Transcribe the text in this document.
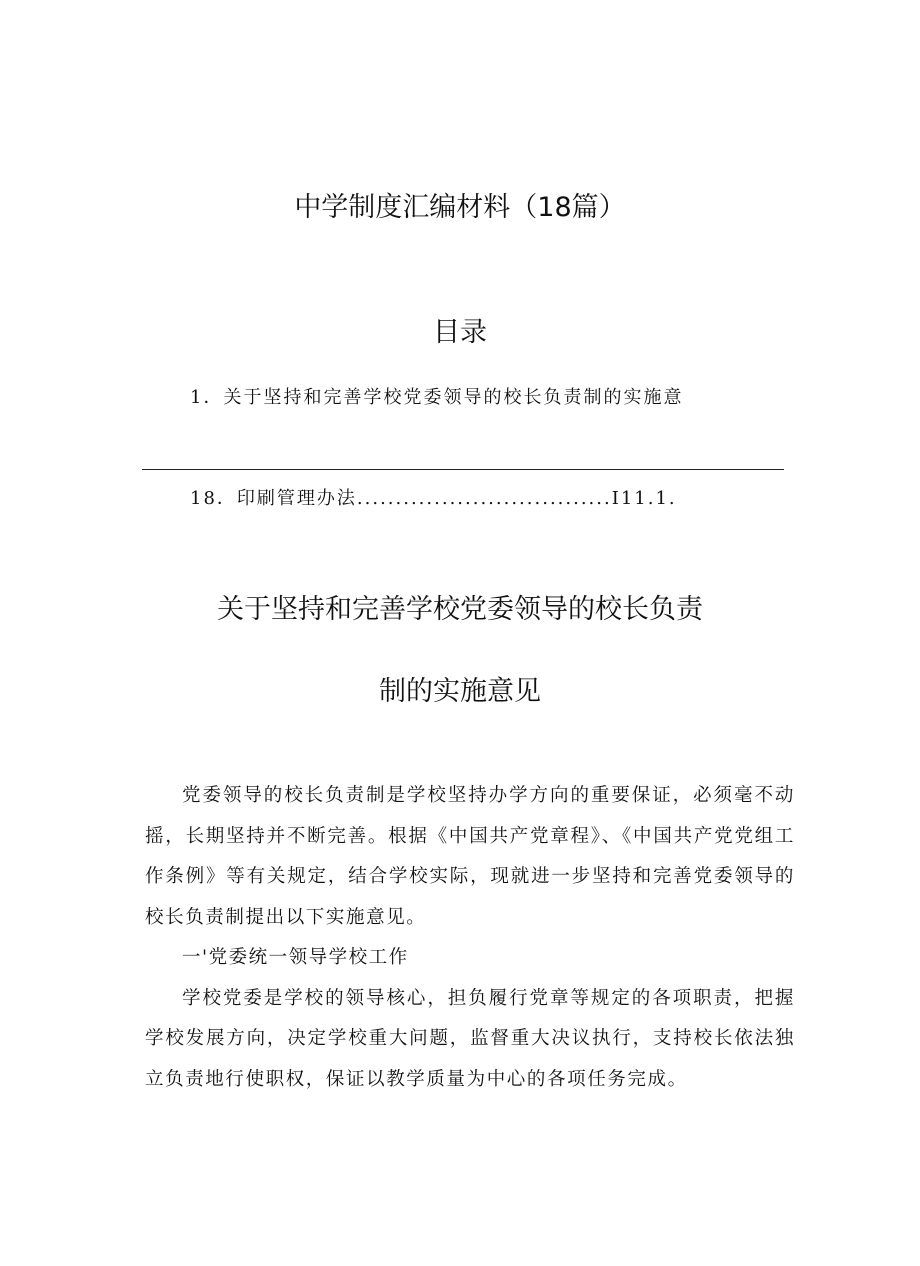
中学制度汇编材料（18篇）
目录
1．关于坚持和完善学校党委领导的校长负责制的实施意
18．印刷管理办法.................................I11.1.
关于坚持和完善学校党委领导的校长负责
制的实施意见

党委领导的校长负责制是学校坚持办学方向的重要保证，必须毫不动摇，长期坚持并不断完善。根据《中国共产党章程》、《中国共产党党组工作条例》等有关规定，结合学校实际，现就进一步坚持和完善党委领导的校长负责制提出以下实施意见。

一'党委统一领导学校工作

学校党委是学校的领导核心，担负履行党章等规定的各项职责，把握学校发展方向，决定学校重大问题，监督重大决议执行，支持校长依法独立负责地行使职权，保证以教学质量为中心的各项任务完成。
